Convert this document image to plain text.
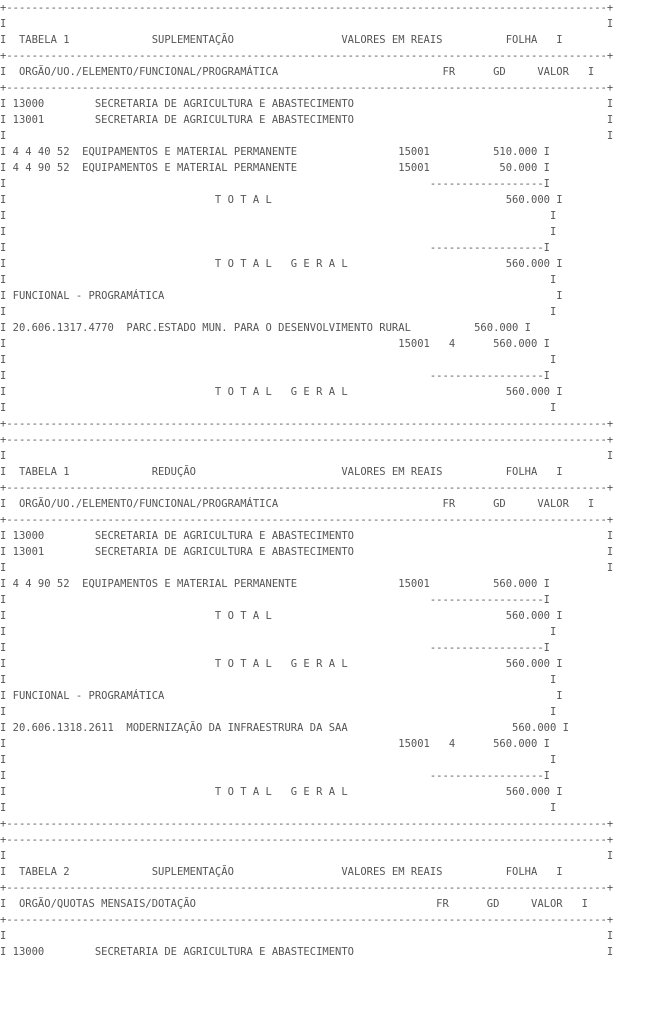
+-----------------------------------------------------------------------------------------------+
I                                                                                               I
I  TABELA 1             SUPLEMENTAÇÃO                 VALORES EM REAIS          FOLHA   I
+-----------------------------------------------------------------------------------------------+
I  ORGÃO/UO./ELEMENTO/FUNCIONAL/PROGRAMÁTICA                          FR      GD     VALOR   I
+-----------------------------------------------------------------------------------------------+
I 13000        SECRETARIA DE AGRICULTURA E ABASTECIMENTO                                        I
I 13001        SECRETARIA DE AGRICULTURA E ABASTECIMENTO                                        I
I                                                                                               I
I 4 4 40 52  EQUIPAMENTOS E MATERIAL PERMANENTE                15001          510.000 I
I 4 4 90 52  EQUIPAMENTOS E MATERIAL PERMANENTE                15001           50.000 I
I                                                                   ------------------I
I                                 T O T A L                                     560.000 I
I                                                                                      I
I                                                                                      I
I                                                                   ------------------I
I                                 T O T A L   G E R A L                         560.000 I
I                                                                                      I
I FUNCIONAL - PROGRAMÁTICA                                                              I
I                                                                                      I
I 20.606.1317.4770  PARC.ESTADO MUN. PARA O DESENVOLVIMENTO RURAL          560.000 I
I                                                              15001   4      560.000 I
I                                                                                      I
I                                                                   ------------------I
I                                 T O T A L   G E R A L                         560.000 I
I                                                                                      I
+-----------------------------------------------------------------------------------------------+
+-----------------------------------------------------------------------------------------------+
I                                                                                               I
I  TABELA 1             REDUÇÃO                       VALORES EM REAIS          FOLHA   I
+-----------------------------------------------------------------------------------------------+
I  ORGÃO/UO./ELEMENTO/FUNCIONAL/PROGRAMÁTICA                          FR      GD     VALOR   I
+-----------------------------------------------------------------------------------------------+
I 13000        SECRETARIA DE AGRICULTURA E ABASTECIMENTO                                        I
I 13001        SECRETARIA DE AGRICULTURA E ABASTECIMENTO                                        I
I                                                                                               I
I 4 4 90 52  EQUIPAMENTOS E MATERIAL PERMANENTE                15001          560.000 I
I                                                                   ------------------I
I                                 T O T A L                                     560.000 I
I                                                                                      I
I                                                                   ------------------I
I                                 T O T A L   G E R A L                         560.000 I
I                                                                                      I
I FUNCIONAL - PROGRAMÁTICA                                                              I
I                                                                                      I
I 20.606.1318.2611  MODERNIZAÇÃO DA INFRAESTRURA DA SAA                          560.000 I
I                                                              15001   4      560.000 I
I                                                                                      I
I                                                                   ------------------I
I                                 T O T A L   G E R A L                         560.000 I
I                                                                                      I
+-----------------------------------------------------------------------------------------------+
+-----------------------------------------------------------------------------------------------+
I                                                                                               I
I  TABELA 2             SUPLEMENTAÇÃO                 VALORES EM REAIS          FOLHA   I
+-----------------------------------------------------------------------------------------------+
I  ORGÃO/QUOTAS MENSAIS/DOTAÇÃO                                      FR      GD     VALOR   I
+-----------------------------------------------------------------------------------------------+
I                                                                                               I
I 13000        SECRETARIA DE AGRICULTURA E ABASTECIMENTO                                        I
